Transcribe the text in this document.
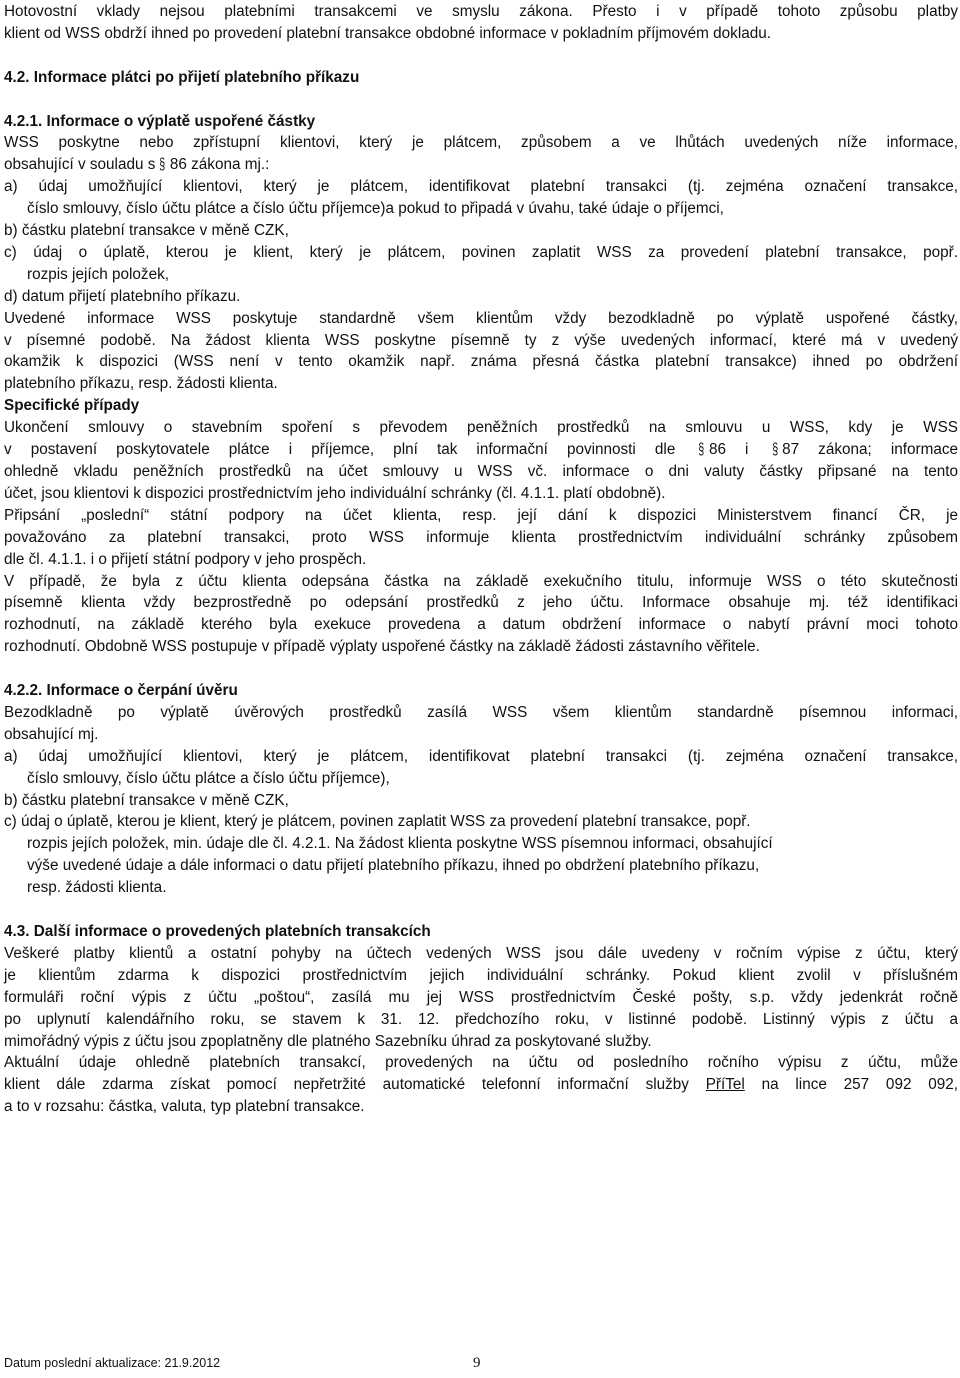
Hotovostní vklady nejsou platebními transakcemi ve smyslu zákona. Přesto i v případě tohoto způsobu platby

klient od WSS obdrží ihned po provedení platební transakce obdobné informace v pokladním příjmovém dokladu.

4.2. Informace plátci po přijetí platebního příkazu

4.2.1. Informace o výplatě uspořené částky

WSS poskytne nebo zpřístupní klientovi, který je plátcem, způsobem a ve lhůtách uvedených níže informace,

obsahující v souladu s § 86 zákona mj.:

a) údaj umožňující klientovi, který je plátcem, identifikovat platební transakci (tj. zejména označení transakce,

číslo smlouvy, číslo účtu plátce a číslo účtu příjemce)a pokud to připadá v úvahu, také údaje o příjemci,

b) částku platební transakce v měně CZK,

c) údaj o úplatě, kterou je klient, který je plátcem, povinen zaplatit WSS za provedení platební transakce, popř.

rozpis jejích položek,

d) datum přijetí platebního příkazu.

Uvedené informace WSS poskytuje standardně všem klientům vždy bezodkladně po výplatě uspořené částky,

v písemné podobě. Na žádost klienta WSS poskytne písemně ty z výše uvedených informací, které má v uvedený

okamžik k dispozici (WSS není v tento okamžik např. známa přesná částka platební transakce) ihned po obdržení

platebního příkazu, resp. žádosti klienta.

Specifické případy

Ukončení smlouvy o stavebním spoření s převodem peněžních prostředků na smlouvu u WSS, kdy je WSS

v postavení poskytovatele plátce i příjemce, plní tak informační povinnosti dle § 86 i § 87 zákona; informace

ohledně vkladu peněžních prostředků na účet smlouvy u WSS vč. informace o dni valuty částky připsané na tento

účet, jsou klientovi k dispozici prostřednictvím jeho individuální schránky (čl. 4.1.1. platí obdobně).

Připsání „poslední“ státní podpory na účet klienta, resp. její dání k dispozici Ministerstvem financí ČR, je

považováno za platební transakci, proto WSS informuje klienta prostřednictvím individuální schránky způsobem

dle čl. 4.1.1. i o přijetí státní podpory v jeho prospěch.

V případě, že byla z účtu klienta odepsána částka na základě exekučního titulu, informuje WSS o této skutečnosti

písemně klienta vždy bezprostředně po odepsání prostředků z jeho účtu. Informace obsahuje mj. též identifikaci

rozhodnutí, na základě kterého byla exekuce provedena a datum obdržení informace o nabytí právní moci tohoto

rozhodnutí. Obdobně WSS postupuje v případě výplaty uspořené částky na základě žádosti zástavního věřitele.

4.2.2. Informace o čerpání úvěru

Bezodkladně po výplatě úvěrových prostředků zasílá WSS všem klientům standardně písemnou informaci,

obsahující mj.

a) údaj umožňující klientovi, který je plátcem, identifikovat platební transakci (tj. zejména označení transakce,

číslo smlouvy, číslo účtu plátce a číslo účtu příjemce),

b) částku platební transakce v měně CZK,

c) údaj o úplatě, kterou je klient, který je plátcem, povinen zaplatit WSS za provedení platební transakce, popř.

rozpis jejích položek, min. údaje dle čl. 4.2.1. Na žádost klienta poskytne WSS písemnou informaci, obsahující

výše uvedené údaje a dále informaci o datu přijetí platebního příkazu, ihned po obdržení platebního příkazu,

resp. žádosti klienta.

4.3. Další informace o provedených platebních transakcích

Veškeré platby klientů a ostatní pohyby na účtech vedených WSS jsou dále uvedeny v ročním výpise z účtu, který

je klientům zdarma k dispozici prostřednictvím jejich individuální schránky. Pokud klient zvolil v příslušném

formuláři roční výpis z účtu „poštou“, zasílá mu jej WSS prostřednictvím České pošty, s.p. vždy jedenkrát ročně

po uplynutí kalendářního roku, se stavem k 31. 12. předchozího roku, v listinné podobě. Listinný výpis z účtu a

mimořádný výpis z účtu jsou zpoplatněny dle platného Sazebníku úhrad za poskytované služby.

Aktuální údaje ohledně platebních transakcí, provedených na účtu od posledního ročního výpisu z účtu, může

klient dále zdarma získat pomocí nepřetržité automatické telefonní informační služby PříTel na lince 257 092 092,

a to v rozsahu: částka, valuta, typ platební transakce.

Datum poslední aktualizace: 21.9.2012	9
